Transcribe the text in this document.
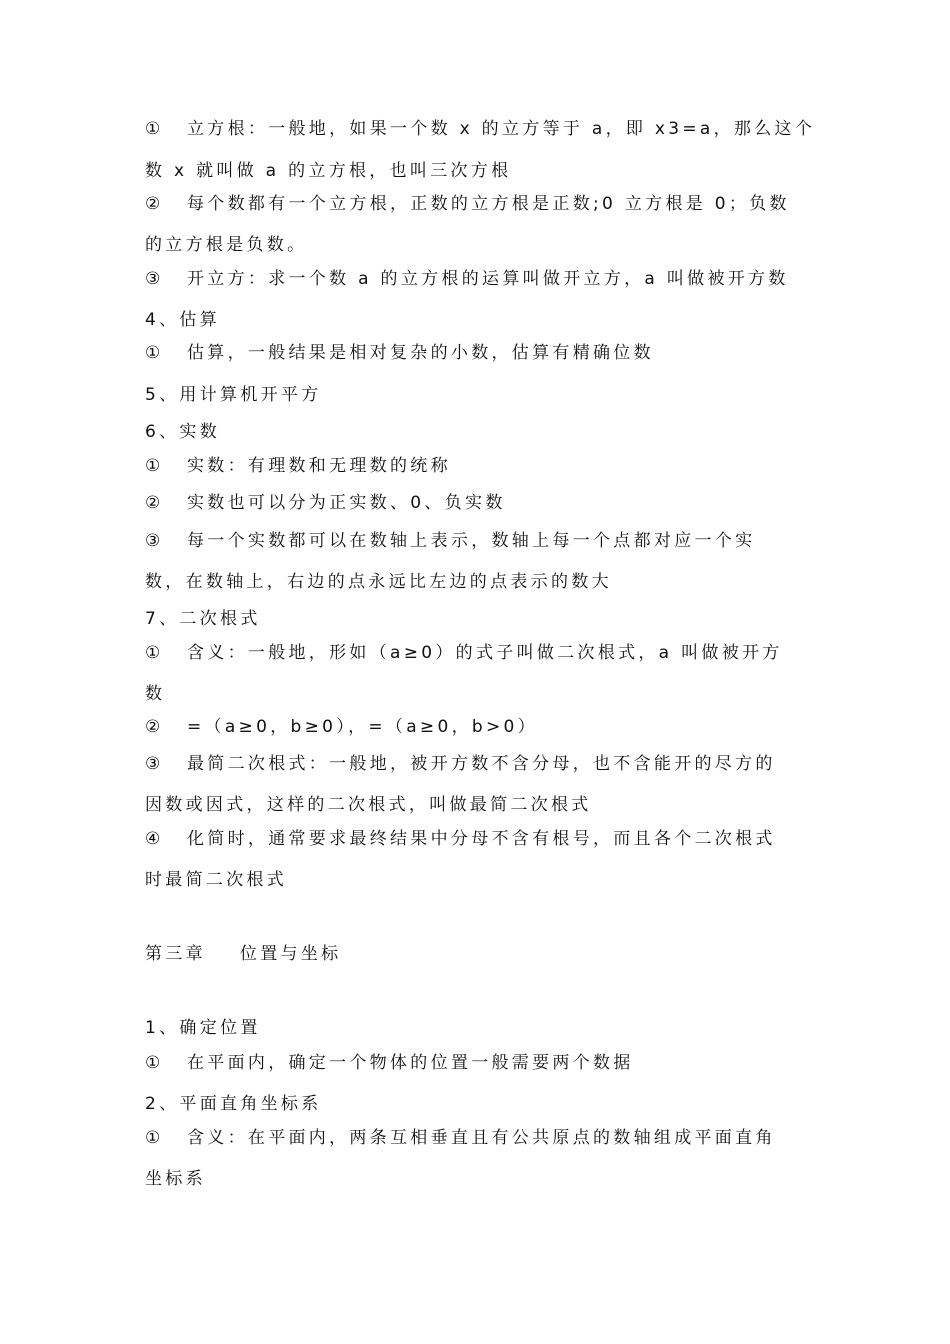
①	立方根：一般地，如果一个数 x 的立方等于 a，即 x3=a，那么这个
数 x 就叫做 a 的立方根，也叫三次方根
②	每个数都有一个立方根，正数的立方根是正数;0 立方根是 0；负数
的立方根是负数。
③	开立方：求一个数 a 的立方根的运算叫做开立方，a 叫做被开方数
4、估算
①	估算，一般结果是相对复杂的小数，估算有精确位数
5、用计算机开平方
6、实数
①	实数：有理数和无理数的统称
②	实数也可以分为正实数、0、负实数
③	每一个实数都可以在数轴上表示，数轴上每一个点都对应一个实
数，在数轴上，右边的点永远比左边的点表示的数大
7、二次根式
①	含义：一般地，形如（a≥0）的式子叫做二次根式，a 叫做被开方
数
②	=（a≥0，b≥0），=（a≥0，b>0）
③	最简二次根式：一般地，被开方数不含分母，也不含能开的尽方的
因数或因式，这样的二次根式，叫做最简二次根式
④	化简时，通常要求最终结果中分母不含有根号，而且各个二次根式
时最简二次根式
第三章 位置与坐标
1、确定位置
①	在平面内，确定一个物体的位置一般需要两个数据
2、平面直角坐标系
①	含义：在平面内，两条互相垂直且有公共原点的数轴组成平面直角
坐标系
